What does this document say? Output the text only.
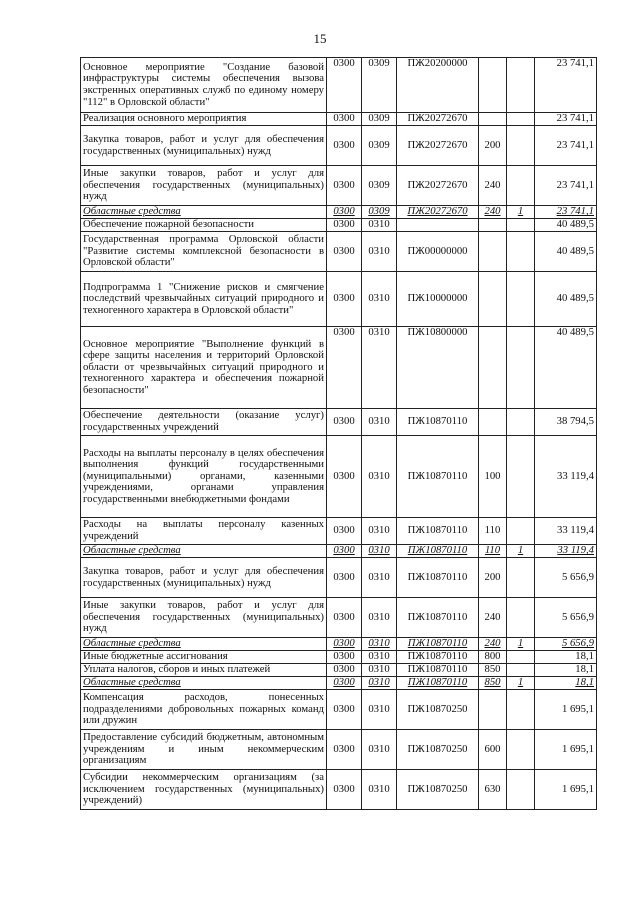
15
Основное мероприятие "Создание базовой инфраструктуры системы обеспечения вызова экстренных оперативных служб по единому номеру "112" в Орловской области"	0300	0309	ПЖ20200000			23 741,1
Реализация основного мероприятия	0300	0309	ПЖ20272670			23 741,1
Закупка товаров, работ и услуг для обеспечения государственных (муниципальных) нужд	0300	0309	ПЖ20272670	200		23 741,1
Иные закупки товаров, работ и услуг для обеспечения государственных (муниципальных) нужд	0300	0309	ПЖ20272670	240		23 741,1
Областные средства	0300	0309	ПЖ20272670	240	1	23 741,1
Обеспечение пожарной безопасности	0300	0310				40 489,5
Государственная программа Орловской области "Развитие системы комплексной безопасности в Орловской области"	0300	0310	ПЖ00000000			40 489,5
Подпрограмма 1 "Снижение рисков и смягчение последствий чрезвычайных ситуаций природного и техногенного характера в Орловской области"	0300	0310	ПЖ10000000			40 489,5
Основное мероприятие "Выполнение функций в сфере защиты населения и территорий Орловской области от чрезвычайных ситуаций природного и техногенного характера и обеспечения пожарной безопасности"	0300	0310	ПЖ10800000			40 489,5
Обеспечение деятельности (оказание услуг) государственных учреждений	0300	0310	ПЖ10870110			38 794,5
Расходы на выплаты персоналу в целях обеспечения выполнения функций государственными (муниципальными) органами, казенными учреждениями, органами управления государственными внебюджетными фондами	0300	0310	ПЖ10870110	100		33 119,4
Расходы на выплаты персоналу казенных учреждений	0300	0310	ПЖ10870110	110		33 119,4
Областные средства	0300	0310	ПЖ10870110	110	1	33 119,4
Закупка товаров, работ и услуг для обеспечения государственных (муниципальных) нужд	0300	0310	ПЖ10870110	200		5 656,9
Иные закупки товаров, работ и услуг для обеспечения государственных (муниципальных) нужд	0300	0310	ПЖ10870110	240		5 656,9
Областные средства	0300	0310	ПЖ10870110	240	1	5 656,9
Иные бюджетные ассигнования	0300	0310	ПЖ10870110	800		18,1
Уплата налогов, сборов и иных платежей	0300	0310	ПЖ10870110	850		18,1
Областные средства	0300	0310	ПЖ10870110	850	1	18,1
Компенсация расходов, понесенных подразделениями добровольных пожарных команд или дружин	0300	0310	ПЖ10870250			1 695,1
Предоставление субсидий бюджетным, автономным учреждениям и иным некоммерческим организациям	0300	0310	ПЖ10870250	600		1 695,1
Субсидии некоммерческим организациям (за исключением государственных (муниципальных) учреждений)	0300	0310	ПЖ10870250	630		1 695,1
